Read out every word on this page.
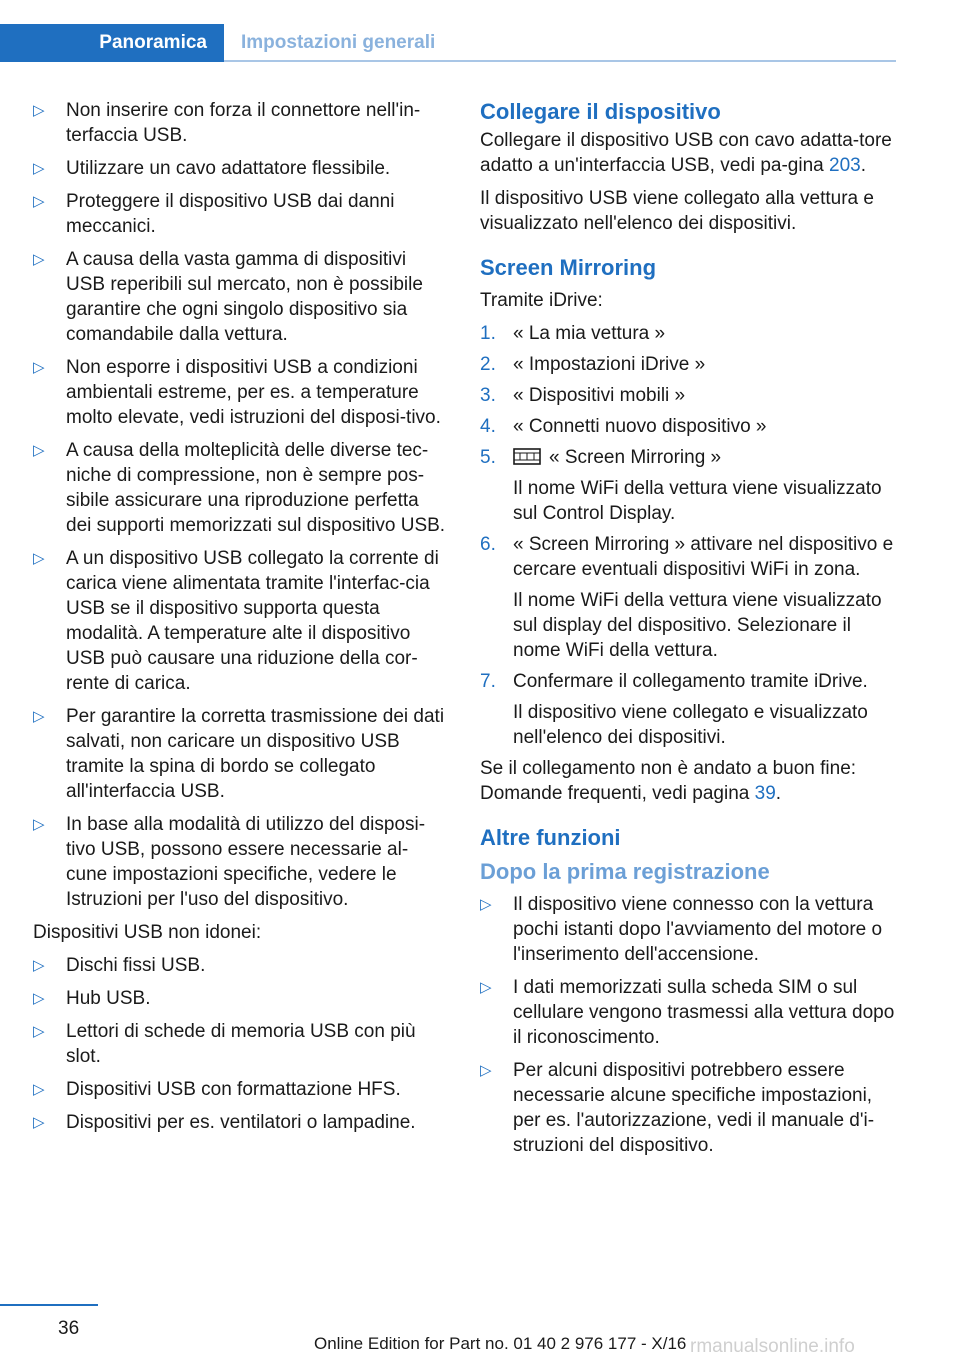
Panoramica	Impostazioni generali
▷ Non inserire con forza il connettore nell'in‐terfaccia USB.
▷ Utilizzare un cavo adattatore flessibile.
▷ Proteggere il dispositivo USB dai danni meccanici.
▷ A causa della vasta gamma di dispositivi USB reperibili sul mercato, non è possibile garantire che ogni singolo dispositivo sia comandabile dalla vettura.
▷ Non esporre i dispositivi USB a condizioni ambientali estreme, per es. a temperature molto elevate, vedi istruzioni del disposi‐tivo.
▷ A causa della molteplicità delle diverse tec‐niche di compressione, non è sempre pos‐sibile assicurare una riproduzione perfetta dei supporti memorizzati sul dispositivo USB.
▷ A un dispositivo USB collegato la corrente di carica viene alimentata tramite l'interfac‐cia USB se il dispositivo supporta questa modalità. A temperature alte il dispositivo USB può causare una riduzione della cor‐rente di carica.
▷ Per garantire la corretta trasmissione dei dati salvati, non caricare un dispositivo USB tramite la spina di bordo se collegato all'interfaccia USB.
▷ In base alla modalità di utilizzo del disposi‐tivo USB, possono essere necessarie al‐cune impostazioni specifiche, vedere le Istruzioni per l'uso del dispositivo.

Dispositivi USB non idonei:

▷ Dischi fissi USB.
▷ Hub USB.
▷ Lettori di schede di memoria USB con più slot.
▷ Dispositivi USB con formattazione HFS.
▷ Dispositivi per es. ventilatori o lampadine.
Collegare il dispositivo

Collegare il dispositivo USB con cavo adatta‐tore adatto a un'interfaccia USB, vedi pa‐gina 203.

Il dispositivo USB viene collegato alla vettura e visualizzato nell'elenco dei dispositivi.

Screen Mirroring

Tramite iDrive:

1. « La mia vettura »
2. « Impostazioni iDrive »
3. « Dispositivi mobili »
4. « Connetti nuovo dispositivo »
5.	« Screen Mirroring »
Il nome WiFi della vettura viene visualizzato sul Control Display.
6. « Screen Mirroring » attivare nel dispositivo e cercare eventuali dispositivi WiFi in zona.
Il nome WiFi della vettura viene visualizzato sul display del dispositivo. Selezionare il nome WiFi della vettura.
7. Confermare il collegamento tramite iDrive.
Il dispositivo viene collegato e visualizzato nell'elenco dei dispositivi.

Se il collegamento non è andato a buon fine: Domande frequenti, vedi pagina 39.

Altre funzioni
Dopo la prima registrazione
▷ Il dispositivo viene connesso con la vettura pochi istanti dopo l'avviamento del motore o l'inserimento dell'accensione.
▷ I dati memorizzati sulla scheda SIM o sul cellulare vengono trasmessi alla vettura dopo il riconoscimento.
▷ Per alcuni dispositivi potrebbero essere necessarie alcune specifiche impostazioni, per es. l'autorizzazione, vedi il manuale d'i‐struzioni del dispositivo.
36
Online Edition for Part no. 01 40 2 976 177 - X/16 rmanualsonline.info
